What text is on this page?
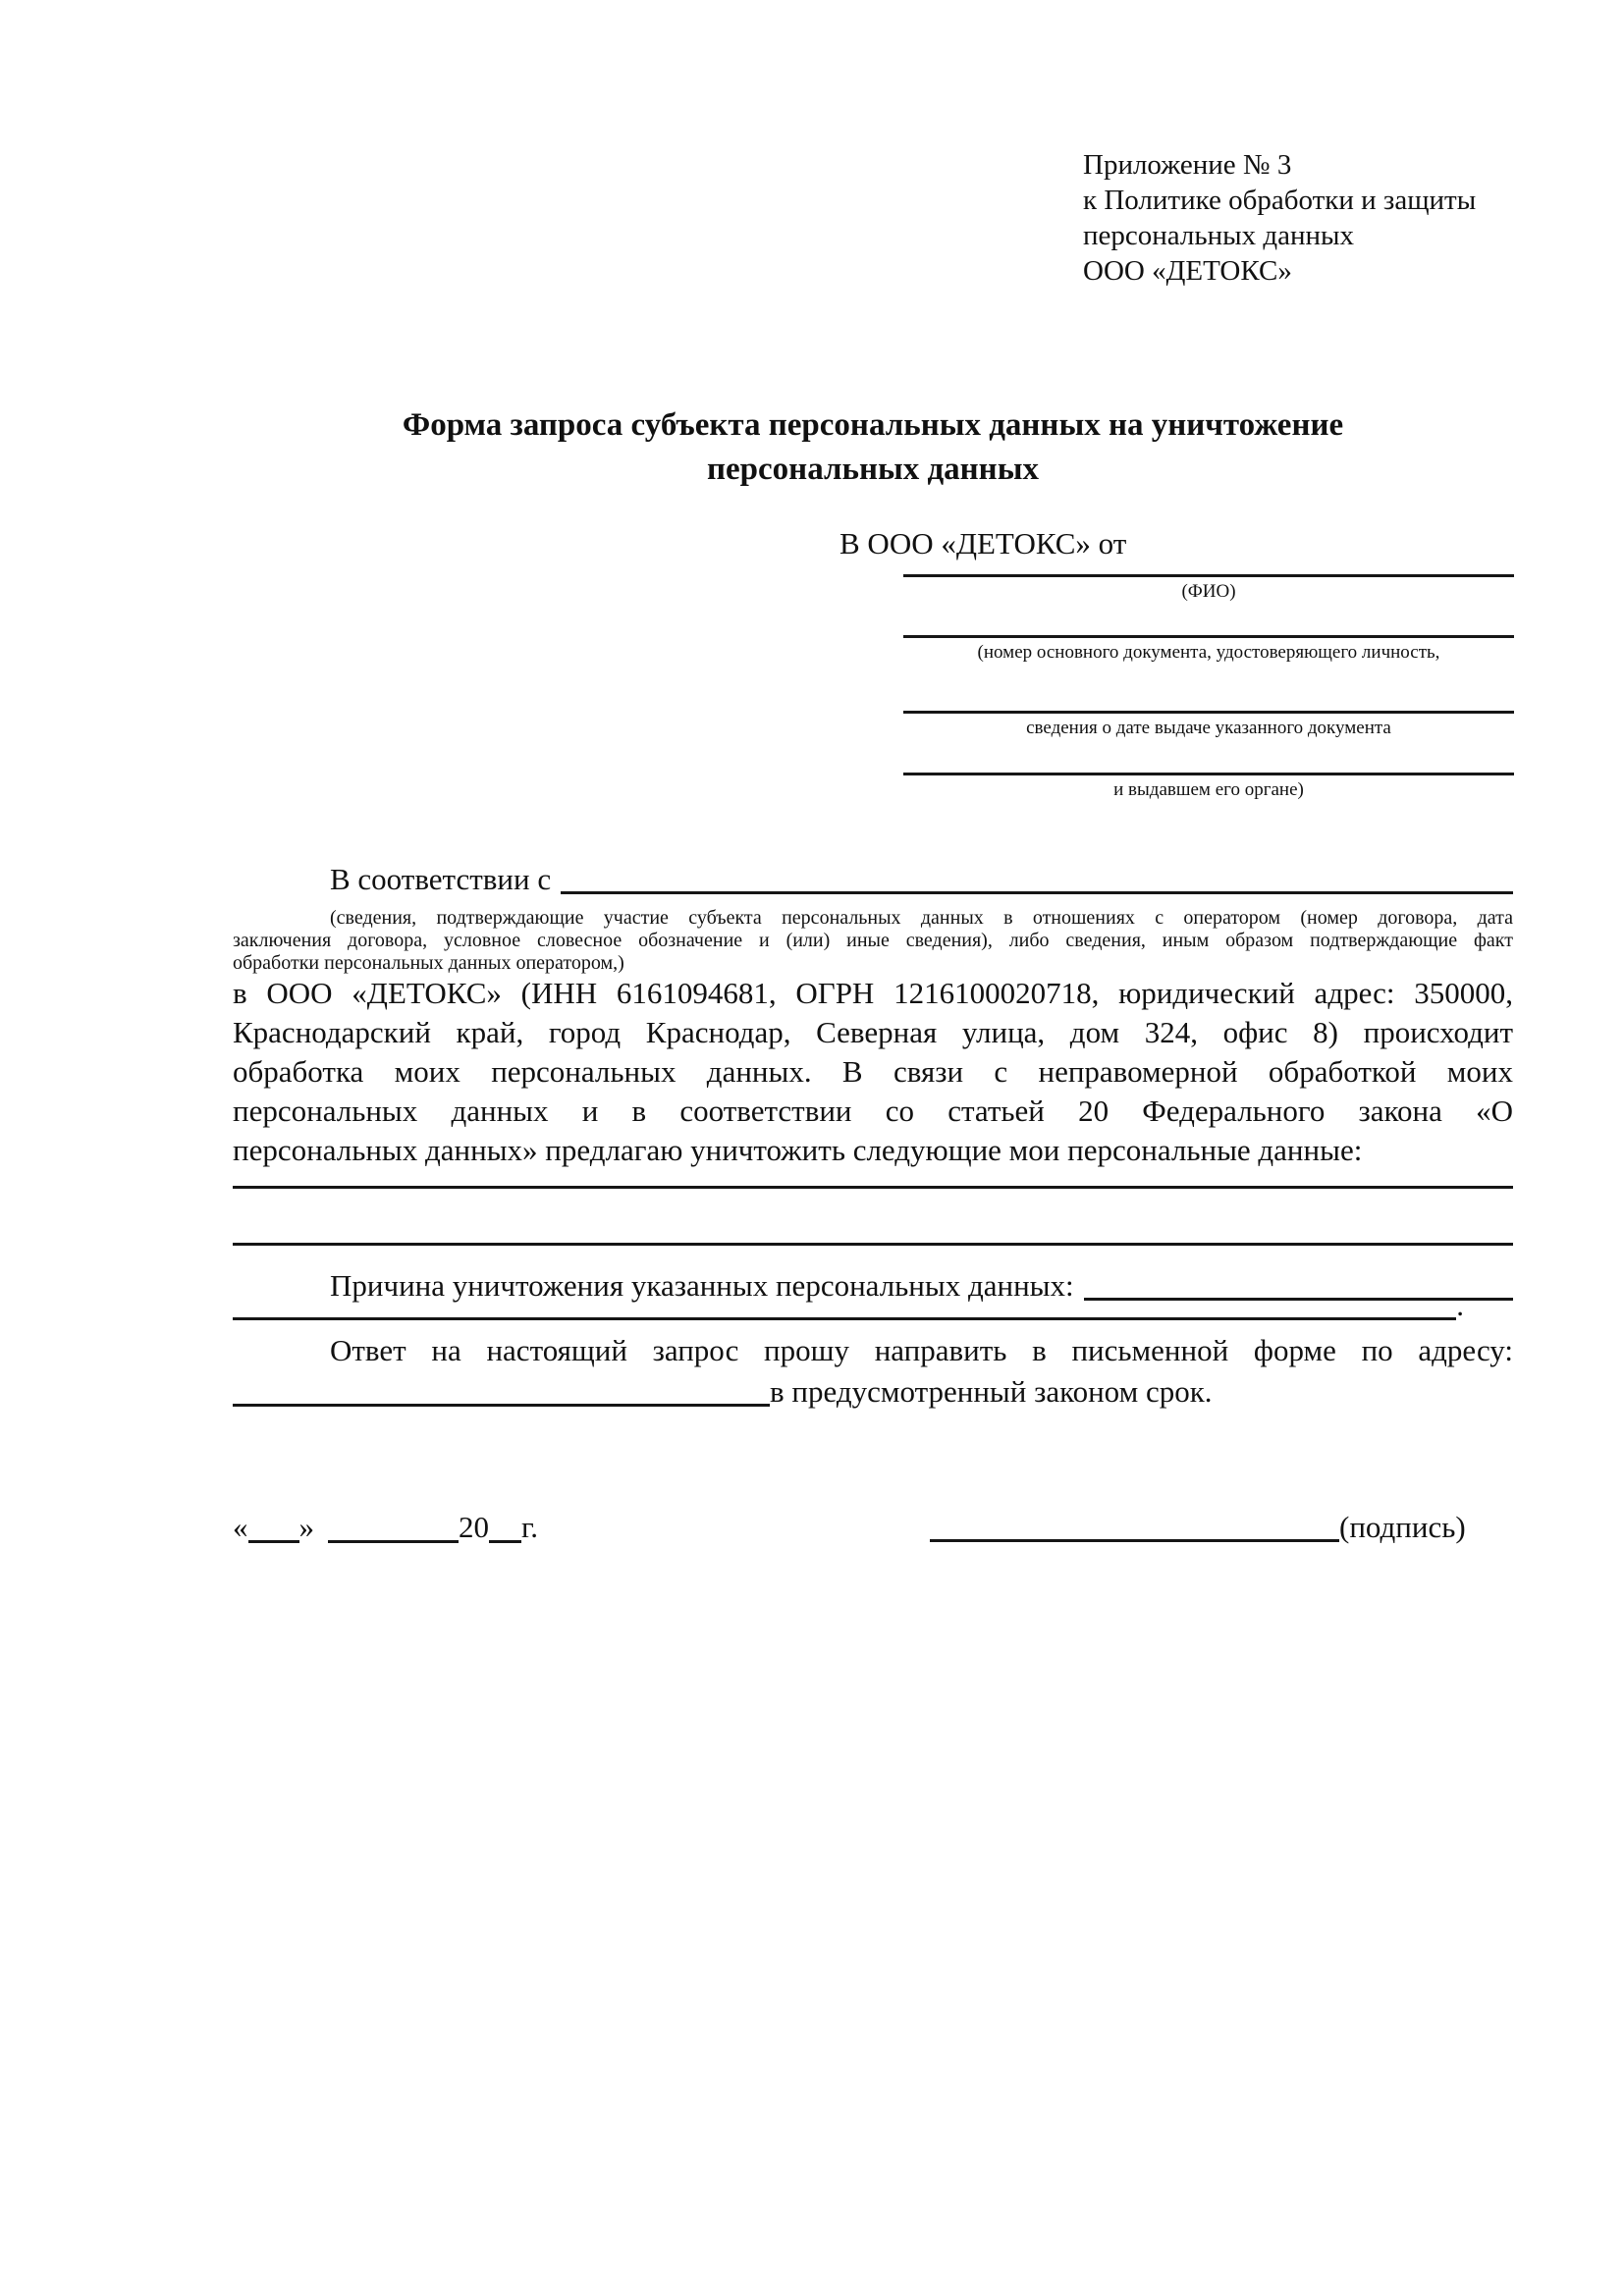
Приложение № 3
к Политике обработки и защиты
персональных данных
ООО «ДЕТОКС»
Форма запроса субъекта персональных данных на уничтожение
персональных данных
В ООО «ДЕТОКС» от
(ФИО)
(номер основного документа, удостоверяющего личность,
сведения о дате выдаче указанного документа
и выдавшем его органе)
В соответствии с
(сведения, подтверждающие участие субъекта персональных данных в отношениях с оператором (номер договора, дата
заключения договора, условное словесное обозначение и (или) иные сведения), либо сведения, иным образом подтверждающие факт
обработки персональных данных оператором,)
в ООО «ДЕТОКС» (ИНН 6161094681, ОГРН 1216100020718, юридический адрес: 350000,
Краснодарский край, город Краснодар, Северная улица, дом 324, офис 8) происходит
обработка моих персональных данных. В связи с неправомерной обработкой моих
персональных данных и в соответствии со статьей 20 Федерального закона «О
персональных данных» предлагаю уничтожить следующие мои персональные данные:
Причина уничтожения указанных персональных данных:
.
Ответ на настоящий запрос прошу направить в письменной форме по адресу:
в предусмотренный законом срок.
« »	20 г.	(подпись)
